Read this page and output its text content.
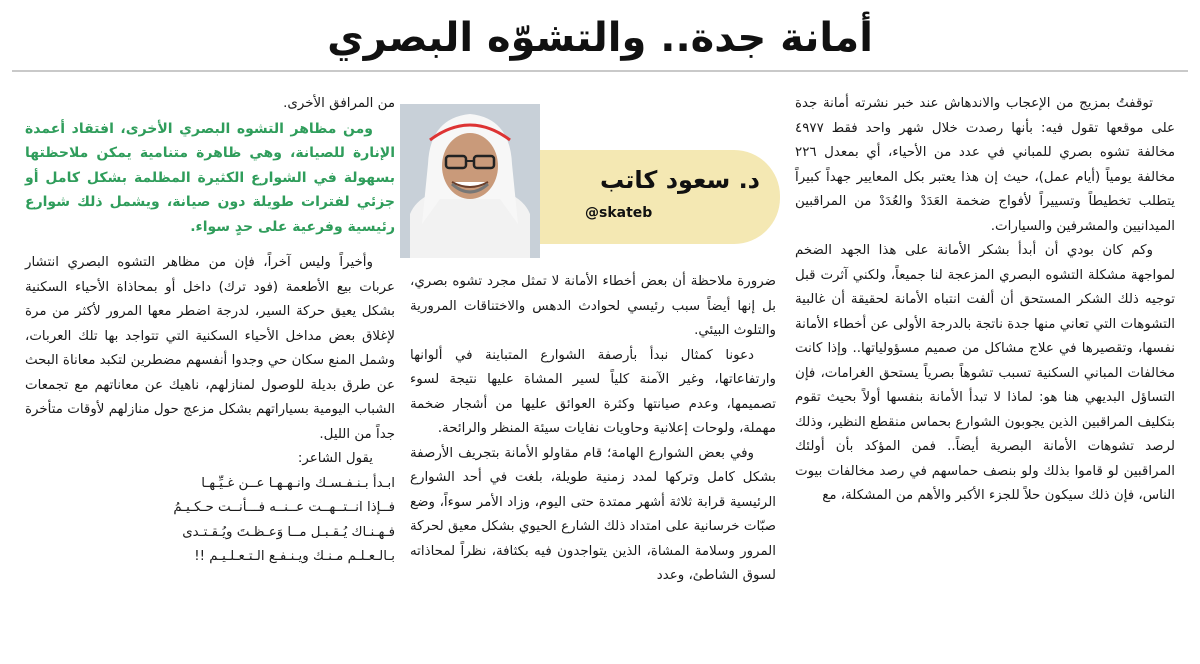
أمانة جدة.. والتشوّه البصري

توقفتُ بمزيج من الإعجاب والاندهاش عند خبر نشرته أمانة جدة على موقعها تقول فيه: بأنها رصدت خلال شهر واحد فقط ٤٩٧٧ مخالفة تشوه بصري للمباني في عدد من الأحياء، أي بمعدل ٢٢٦ مخالفة يومياً (أيام عمل)، حيث إن هذا يعتبر بكل المعايير جهداً كبيراً يتطلب تخطيطاً وتسييراً لأفواج ضخمة العَدَدْ والعُدَدْ من المراقبين الميدانيين والمشرفين والسيارات.

وكم كان بودي أن أبدأ بشكر الأمانة على هذا الجهد الضخم لمواجهة مشكلة التشوه البصري المزعجة لنا جميعاً، ولكني آثرت قبل توجيه ذلك الشكر المستحق أن ألفت انتباه الأمانة لحقيقة أن غالبية التشوهات التي تعاني منها جدة ناتجة بالدرجة الأولى عن أخطاء الأمانة نفسها، وتقصيرها في علاج مشاكل من صميم مسؤولياتها.. وإذا كانت مخالفات المباني السكنية تسبب تشوهاً بصرياً يستحق الغرامات، فإن التساؤل البديهي هنا هو: لماذا لا تبدأ الأمانة بنفسها أولاً بحيث تقوم بتكليف المراقبين الذين يجوبون الشوارع بحماس منقطع النظير، وذلك لرصد تشوهات الأمانة البصرية أيضاً.. فمن المؤكد بأن أولئك المراقبين لو قاموا بذلك ولو بنصف حماسهم في رصد مخالفات بيوت الناس، فإن ذلك سيكون حلاً للجزء الأكبر والأهم من المشكلة، مع

د. سعود كاتب

@skateb

ضرورة ملاحظة أن بعض أخطاء الأمانة لا تمثل مجرد تشوه بصري، بل إنها أيضاً سبب رئيسي لحوادث الدهس والاختناقات المرورية والتلوث البيئي.

دعونا كمثال نبدأ بأرصفة الشوارع المتباينة في ألوانها وارتفاعاتها، وغير الآمنة كلياً لسير المشاة عليها نتيجة لسوء تصميمها، وعدم صيانتها وكثرة العوائق عليها من أشجار ضخمة مهملة، ولوحات إعلانية وحاويات نفايات سيئة المنظر والرائحة.

وفي بعض الشوارع الهامة؛ قام مقاولو الأمانة بتجريف الأرصفة بشكل كامل وتركها لمدد زمنية طويلة، بلغت في أحد الشوارع الرئيسية قرابة ثلاثة أشهر ممتدة حتى اليوم، وزاد الأمر سوءاً، وضع صبّات خرسانية على امتداد ذلك الشارع الحيوي بشكل معيق لحركة المرور وسلامة المشاة، الذين يتواجدون فيه بكثافة، نظراً لمحاذاته لسوق الشاطئ، وعدد

من المرافق الأخرى.

ومن مظاهر التشوه البصري الأخرى، افتقاد أعمدة الإنارة للصيانة، وهي ظاهرة متنامية يمكن ملاحظتها بسهولة في الشوارع الكثيرة المظلمة بشكل كامل أو جزئي لفترات طويلة دون صيانة، ويشمل ذلك شوارع رئيسية وفرعية على حدٍ سواء.

وأخيراً وليس آخراً، فإن من مظاهر التشوه البصري انتشار عربات بيع الأطعمة (فود ترك) داخل أو بمحاذاة الأحياء السكنية بشكل يعيق حركة السير، لدرجة اضطر معها المرور لأكثر من مرة لإغلاق بعض مداخل الأحياء السكنية التي تتواجد بها تلك العربات، وشمل المنع سكان حي وجدوا أنفسهم مضطرين لتكبد معاناة البحث عن طرق بديلة للوصول لمنازلهم، ناهيك عن معاناتهم مع تجمعات الشباب اليومية بسياراتهم بشكل مزعج حول منازلهم لأوقات متأخرة جداً من الليل.

يقول الشاعر:

ابـدأ بـنـفـسـك وانـهـهـا عــن غـيِّـهـا

فــإذا انــتــهــت عــنــه فـــأنــت حـكـيـمُ

فـهـنـاك يُـقـبـل مــا وَعـظـتَ ويُـقـتـدى

بـالـعـلـم مـنـك ويـنـفـع الـتـعـلـيـم !!
